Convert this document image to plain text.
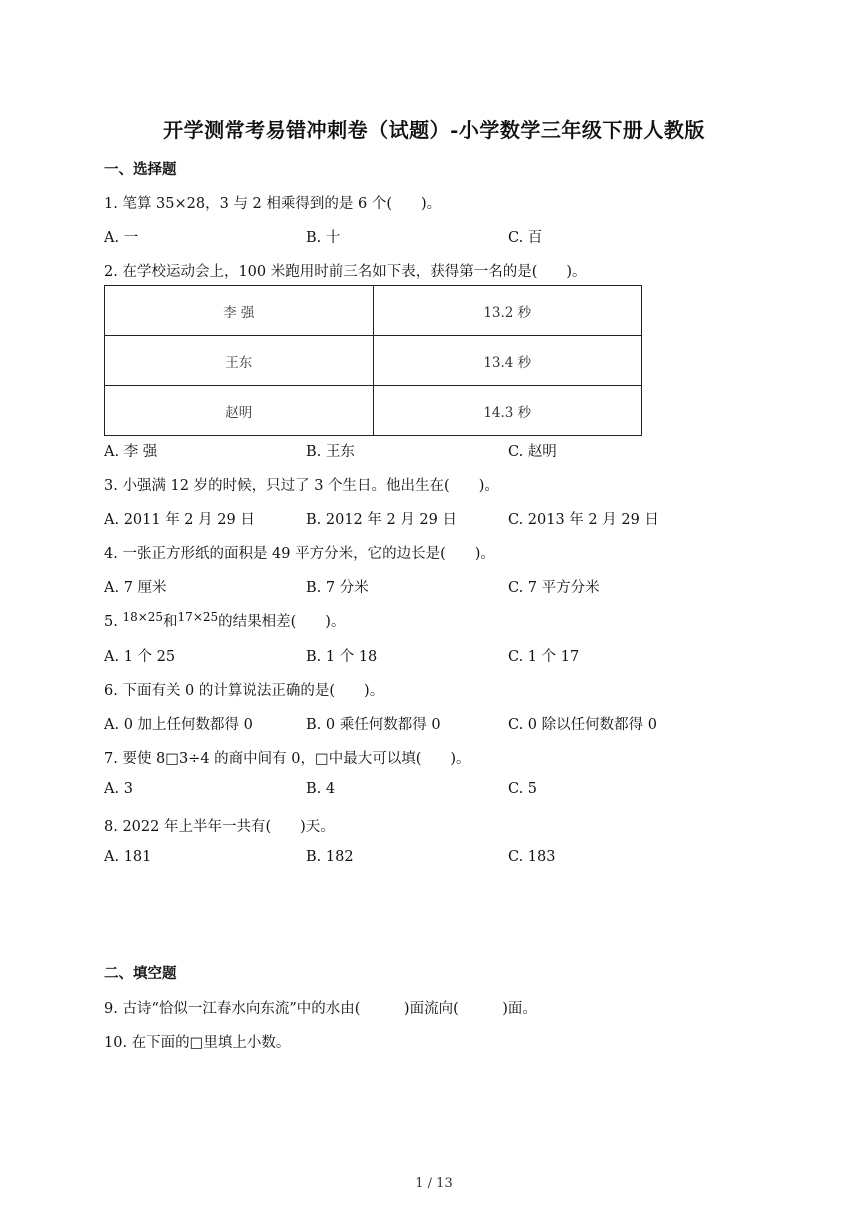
开学测常考易错冲刺卷（试题）-小学数学三年级下册人教版
一、选择题
1. 笔算 35×28，3 与 2 相乘得到的是 6 个(　　)。
A. 一	B. 十	C. 百
2. 在学校运动会上，100 米跑用时前三名如下表，获得第一名的是(　　)。
李 强	13.2 秒
王东	13.4 秒
赵明	14.3 秒
A. 李 强	B. 王东	C. 赵明
3. 小强满 12 岁的时候，只过了 3 个生日。他出生在(　　)。
A. 2011 年 2 月 29 日	B. 2012 年 2 月 29 日	C. 2013 年 2 月 29 日
4. 一张正方形纸的面积是 49 平方分米，它的边长是(　　)。
A. 7 厘米	B. 7 分米	C. 7 平方分米
5. $^{18\times 25}$和$^{17\times 25}$的结果相差(　　)。
A. 1 个 25	B. 1 个 18	C. 1 个 17
6. 下面有关 0 的计算说法正确的是(　　)。
A. 0 加上任何数都得 0	B. 0 乘任何数都得 0	C. 0 除以任何数都得 0
7. 要使 8□3÷4 的商中间有 0，□中最大可以填(　　)。
A. 3	B. 4	C. 5
8. 2022 年上半年一共有(　　)天。
A. 181	B. 182	C. 183
二、填空题
9. 古诗“恰似一江春水向东流”中的水由(　　　)面流向(　　　)面。
10. 在下面的□里填上小数。
1 / 13
